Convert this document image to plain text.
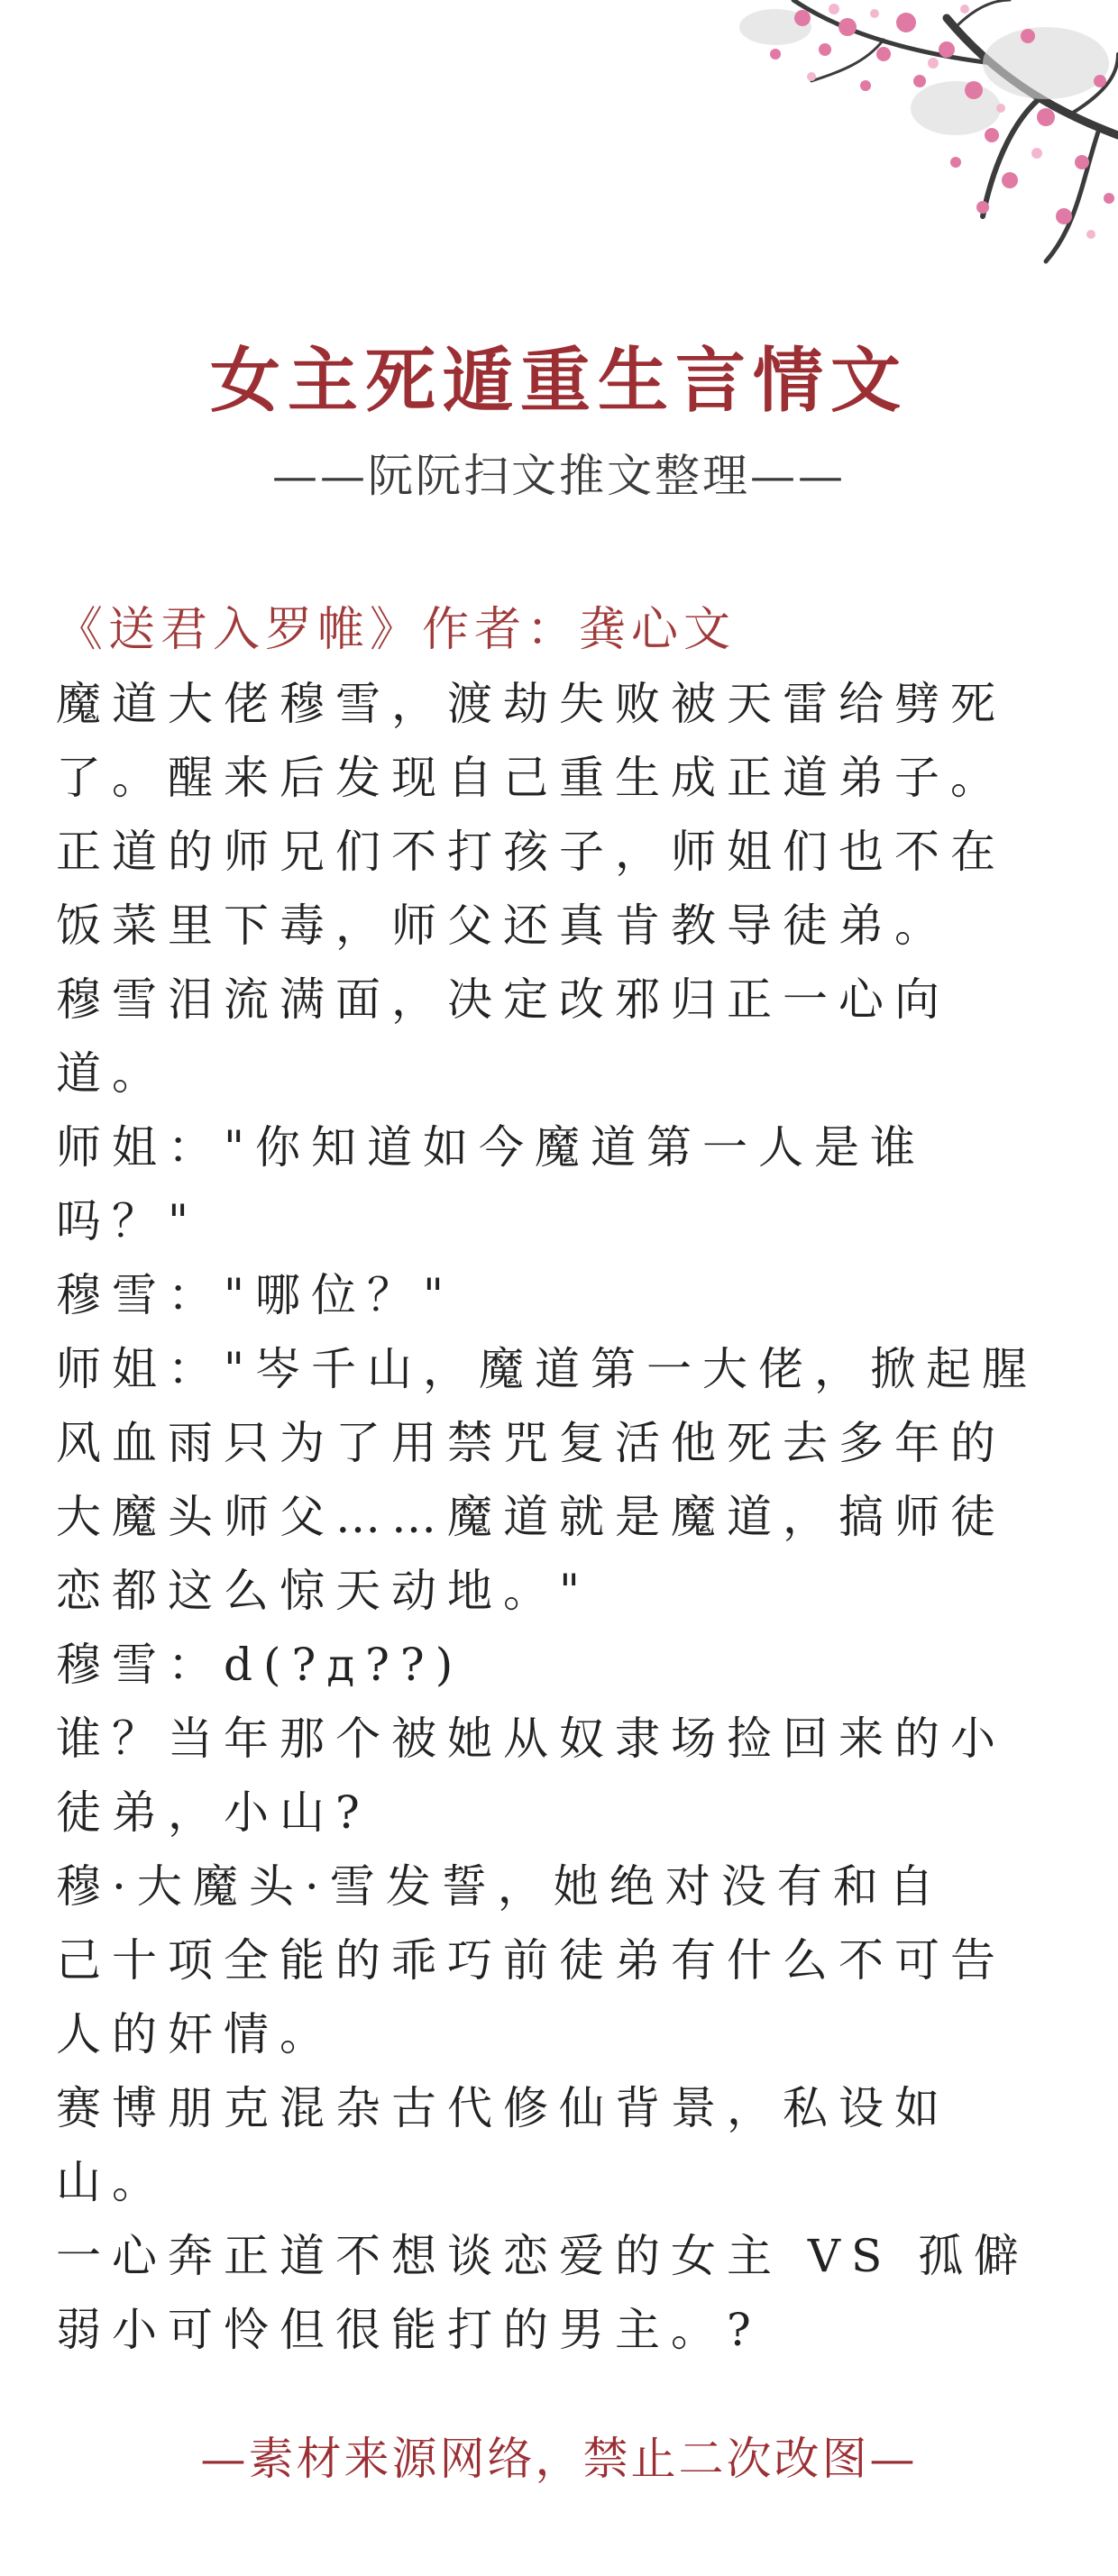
女主死遁重生言情文
——阮阮扫文推文整理——
《送君入罗帷》作者：龚心文
魔道大佬穆雪，渡劫失败被天雷给劈死
了。醒来后发现自己重生成正道弟子。
正道的师兄们不打孩子，师姐们也不在
饭菜里下毒，师父还真肯教导徒弟。
穆雪泪流满面，决定改邪归正一心向
道。
师姐："你知道如今魔道第一人是谁
吗？"
穆雪："哪位？"
师姐："岑千山，魔道第一大佬，掀起腥
风血雨只为了用禁咒复活他死去多年的
大魔头师父……魔道就是魔道，搞师徒
恋都这么惊天动地。"
穆雪：d(?д??)
谁？当年那个被她从奴隶场捡回来的小
徒弟，小山?
穆·大魔头·雪发誓，她绝对没有和自
己十项全能的乖巧前徒弟有什么不可告
人的奸情。
赛博朋克混杂古代修仙背景，私设如
山。
一心奔正道不想谈恋爱的女主 VS 孤僻
弱小可怜但很能打的男主。?
—素材来源网络，禁止二次改图—
